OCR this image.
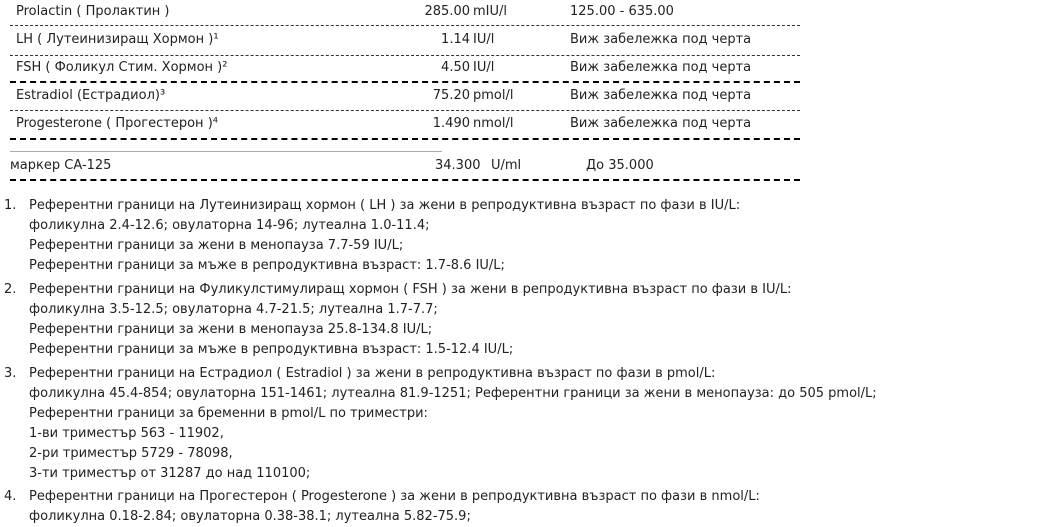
Prolactin ( Пролактин )	285.00 mIU/l	125.00 - 635.00
LH ( Лутеинизиращ Хормон )¹	1.14 IU/l	Виж забележка под черта
FSH ( Фоликул Стим. Хормон )²	4.50 IU/l	Виж забележка под черта
Estradiol (Естрадиол)³	75.20 pmol/l	Виж забележка под черта
Progesterone ( Прогестерон )⁴	1.490 nmol/l	Виж забележка под черта
маркер CA-125	34.300 U/ml	До 35.000
1. Референтни граници на Лутеинизиращ хормон ( LH ) за жени в репродуктивна възраст по фази в IU/L:
фоликулна 2.4-12.6; овулаторна 14-96; лутеална 1.0-11.4;
Референтни граници за жени в менопауза 7.7-59 IU/L;
Референтни граници за мъже в репродуктивна възраст: 1.7-8.6 IU/L;
2. Референтни граници на Фуликулстимулиращ хормон ( FSH ) за жени в репродуктивна възраст по фази в IU/L:
фоликулна 3.5-12.5; овулаторна 4.7-21.5; лутеална 1.7-7.7;
Референтни граници за жени в менопауза 25.8-134.8 IU/L;
Референтни граници за мъже в репродуктивна възраст: 1.5-12.4 IU/L;
3. Референтни граници на Естрадиол ( Estradiol ) за жени в репродуктивна възраст по фази в pmol/L:
фоликулна 45.4-854; овулаторна 151-1461; лутеална 81.9-1251; Референтни граници за жени в менопауза: до 505 pmol/L;
Референтни граници за бременни в pmol/L по триместри:
1-ви триместър 563 - 11902,
2-ри триместър 5729 - 78098,
3-ти триместър от 31287 до над 110100;
4. Референтни граници на Прогестерон ( Progesterone ) за жени в репродуктивна възраст по фази в nmol/L:
фоликулна 0.18-2.84; овулаторна 0.38-38.1; лутеална 5.82-75.9;
